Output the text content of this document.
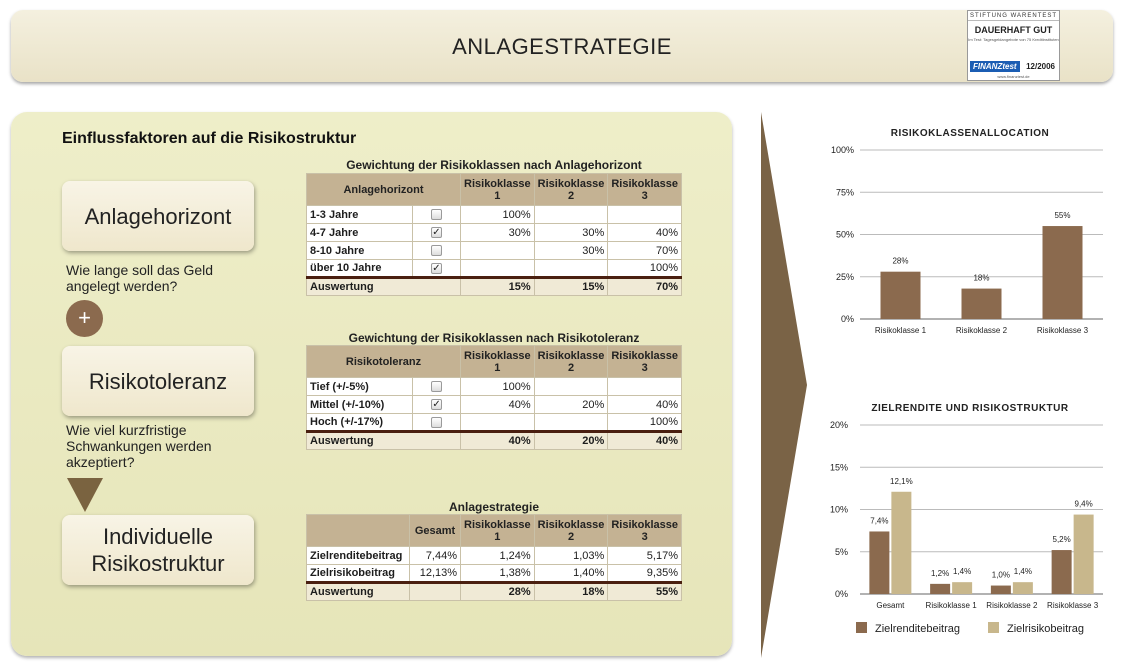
ANLAGESTRATEGIE
STIFTUNG WARENTEST
DAUERHAFT GUT
Im Test: Tagesgeldangebote von 75 Kreditinstituten
FINANZtest	12/2006
www.finanztest.de
Einflussfaktoren auf die Risikostruktur
Anlagehorizont
Wie lange soll das Geld angelegt werden?
+
Risikotoleranz
Wie viel kurzfristige Schwankungen werden akzeptiert?
Individuelle Risikostruktur
Gewichtung der Risikoklassen nach Anlagehorizont
Anlagehorizont		Risikoklasse 1	Risikoklasse 2	Risikoklasse 3
1-3 Jahre		100%		
4-7 Jahre	✓	30%	30%	40%
8-10 Jahre			30%	70%
über 10 Jahre	✓			100%
Auswertung		15%	15%	70%
Gewichtung der Risikoklassen nach Risikotoleranz
Risikotoleranz		Risikoklasse 1	Risikoklasse 2	Risikoklasse 3
Tief (+/-5%)		100%		
Mittel (+/-10%)	✓	40%	20%	40%
Hoch (+/-17%)				100%
Auswertung		40%	20%	40%
Anlagestrategie
	Gesamt	Risikoklasse 1	Risikoklasse 2	Risikoklasse 3
Zielrenditebeitrag	7,44%	1,24%	1,03%	5,17%
Zielrisikobeitrag	12,13%	1,38%	1,40%	9,35%
Auswertung		28%	18%	55%
RISIKOKLASSENALLOCATION
0%
25%
50%
75%
100%
28%
Risikoklasse 1
18%
Risikoklasse 2
55%
Risikoklasse 3
ZIELRENDITE UND RISIKOSTRUKTUR
0%
5%
10%
15%
20%
7,4%
12,1%
Gesamt
1,2% 1,4%
Risikoklasse 1
1,0% 1,4%
Risikoklasse 2
5,2%
9,4%
Risikoklasse 3
Zielrenditebeitrag	Zielrisikobeitrag
